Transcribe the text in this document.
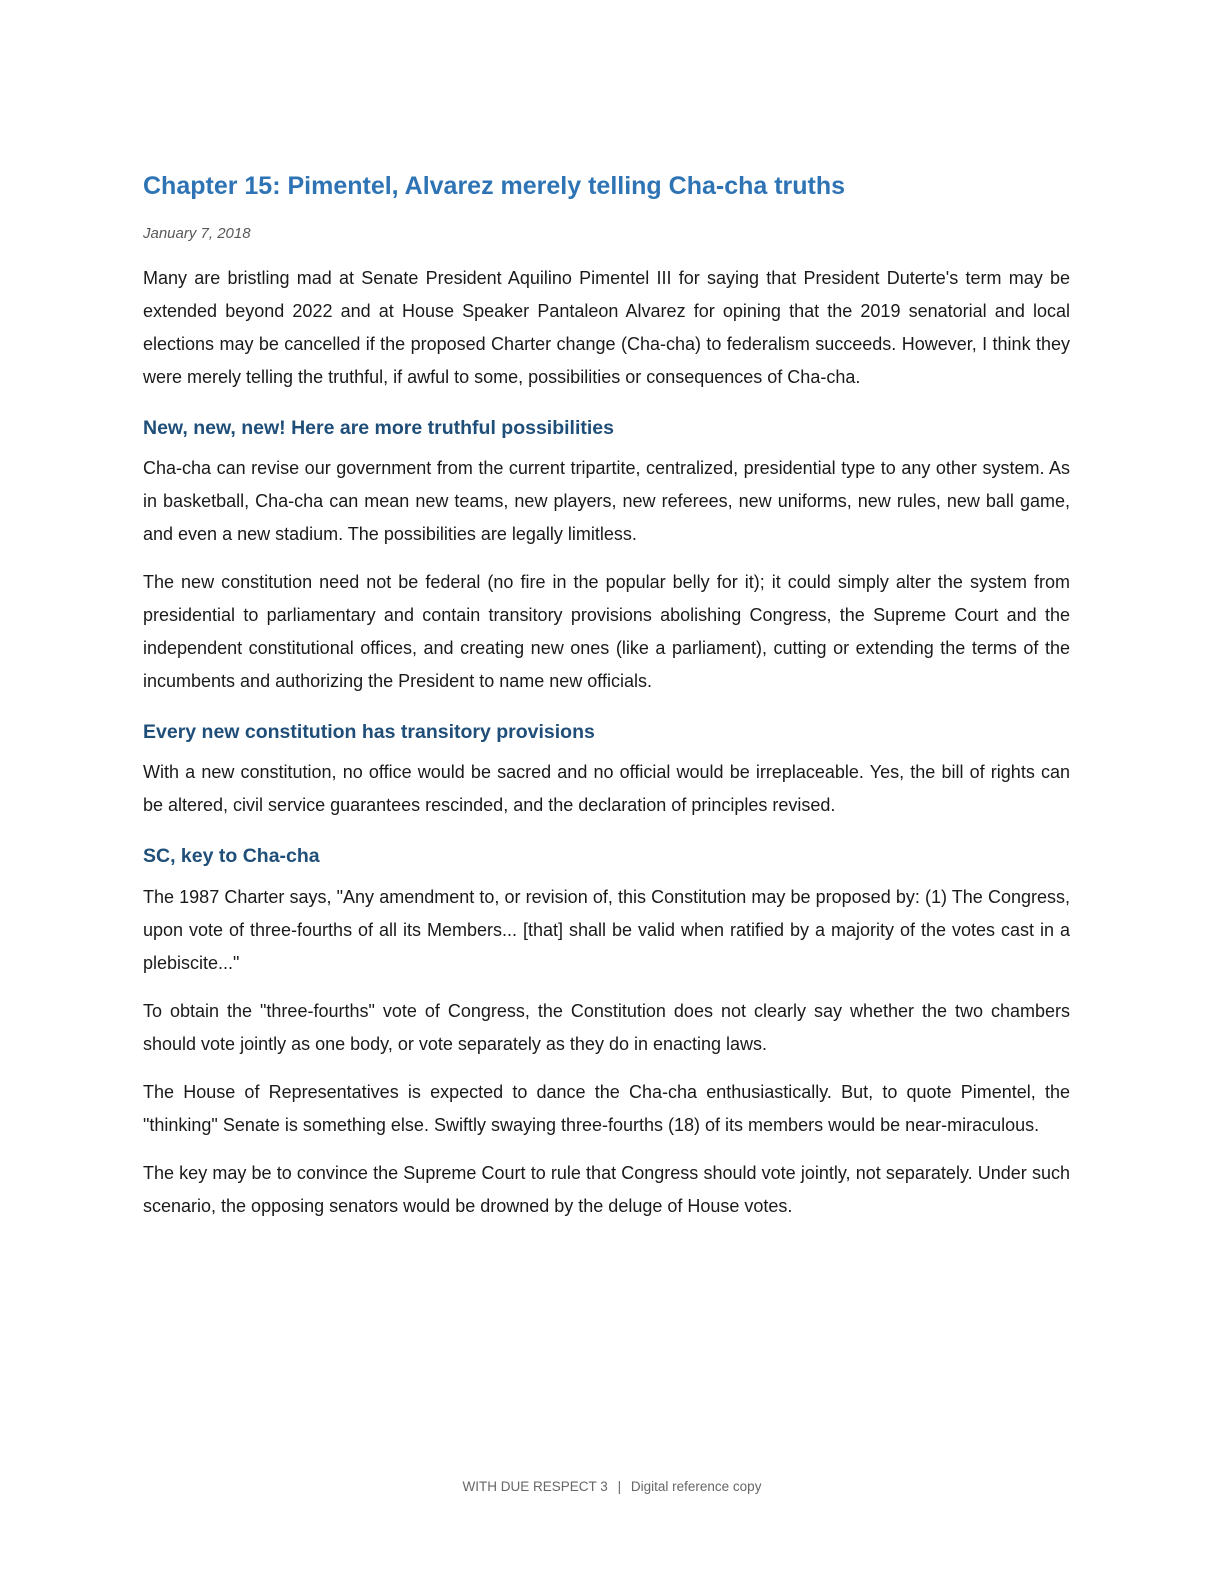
Chapter 15: Pimentel, Alvarez merely telling Cha-cha truths
January 7, 2018

Many are bristling mad at Senate President Aquilino Pimentel III for saying that President Duterte's term may be extended beyond 2022 and at House Speaker Pantaleon Alvarez for opining that the 2019 senatorial and local elections may be cancelled if the proposed Charter change (Cha-cha) to federalism succeeds. However, I think they were merely telling the truthful, if awful to some, possibilities or consequences of Cha-cha.

New, new, new! Here are more truthful possibilities

Cha-cha can revise our government from the current tripartite, centralized, presidential type to any other system. As in basketball, Cha-cha can mean new teams, new players, new referees, new uniforms, new rules, new ball game, and even a new stadium. The possibilities are legally limitless.

The new constitution need not be federal (no fire in the popular belly for it); it could simply alter the system from presidential to parliamentary and contain transitory provisions abolishing Congress, the Supreme Court and the independent constitutional offices, and creating new ones (like a parliament), cutting or extending the terms of the incumbents and authorizing the President to name new officials.

Every new constitution has transitory provisions

With a new constitution, no office would be sacred and no official would be irreplaceable. Yes, the bill of rights can be altered, civil service guarantees rescinded, and the declaration of principles revised.

SC, key to Cha-cha

The 1987 Charter says, "Any amendment to, or revision of, this Constitution may be proposed by: (1) The Congress, upon vote of three-fourths of all its Members... [that] shall be valid when ratified by a majority of the votes cast in a plebiscite..."

To obtain the "three-fourths" vote of Congress, the Constitution does not clearly say whether the two chambers should vote jointly as one body, or vote separately as they do in enacting laws.

The House of Representatives is expected to dance the Cha-cha enthusiastically. But, to quote Pimentel, the "thinking" Senate is something else. Swiftly swaying three-fourths (18) of its members would be near-miraculous.

The key may be to convince the Supreme Court to rule that Congress should vote jointly, not separately. Under such scenario, the opposing senators would be drowned by the deluge of House votes.

WITH DUE RESPECT 3 | Digital reference copy
